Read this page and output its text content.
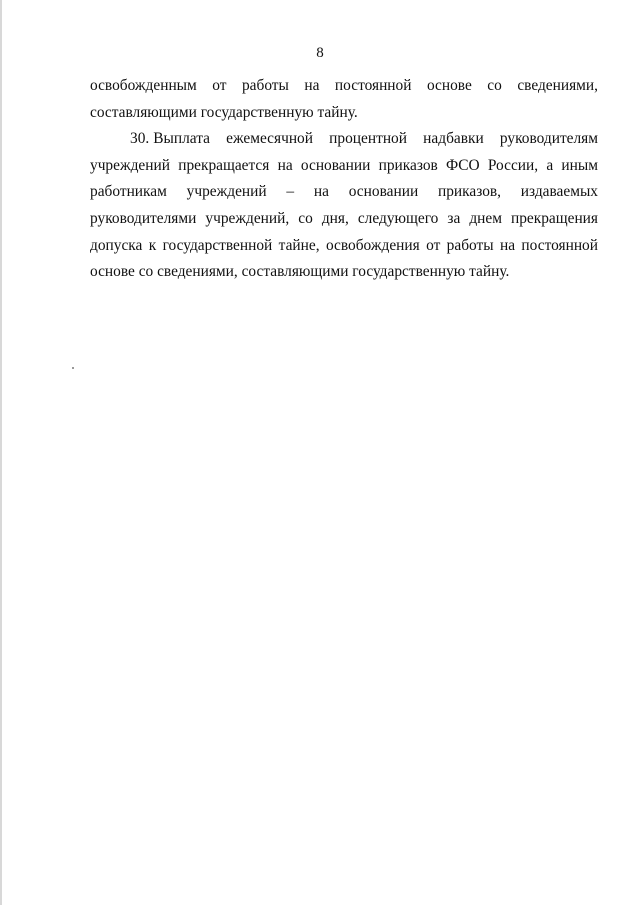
8

освобожденным от работы на постоянной основе со сведениями, составляющими государственную тайну.

30. Выплата ежемесячной процентной надбавки руководителям учреждений прекращается на основании приказов ФСО России, а иным работникам учреждений – на основании приказов, издаваемых руководителями учреждений, со дня, следующего за днем прекращения допуска к государственной тайне, освобождения от работы на постоянной основе со сведениями, составляющими государственную тайну.
